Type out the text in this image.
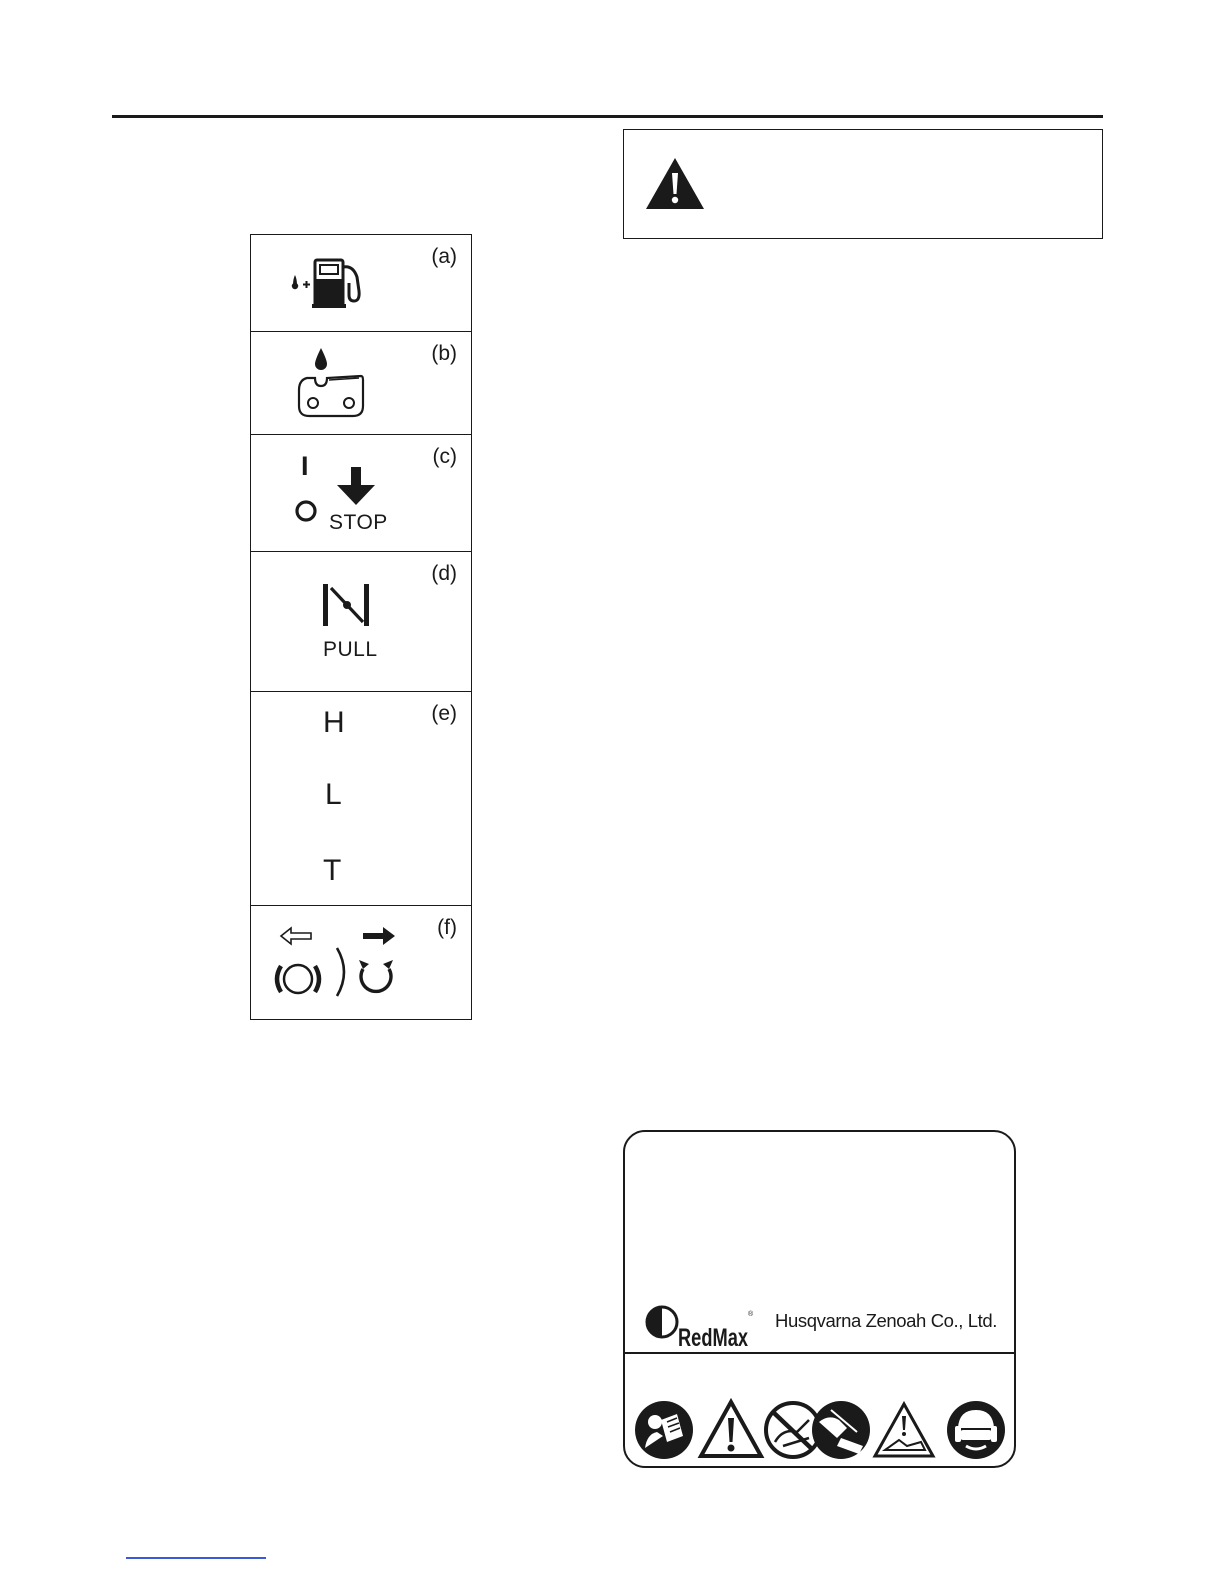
(a)
(b)
(c)
I
STOP
(d)
PULL
(e)
H
L
T
(f)
RedMax
® Husqvarna Zenoah Co., Ltd.
